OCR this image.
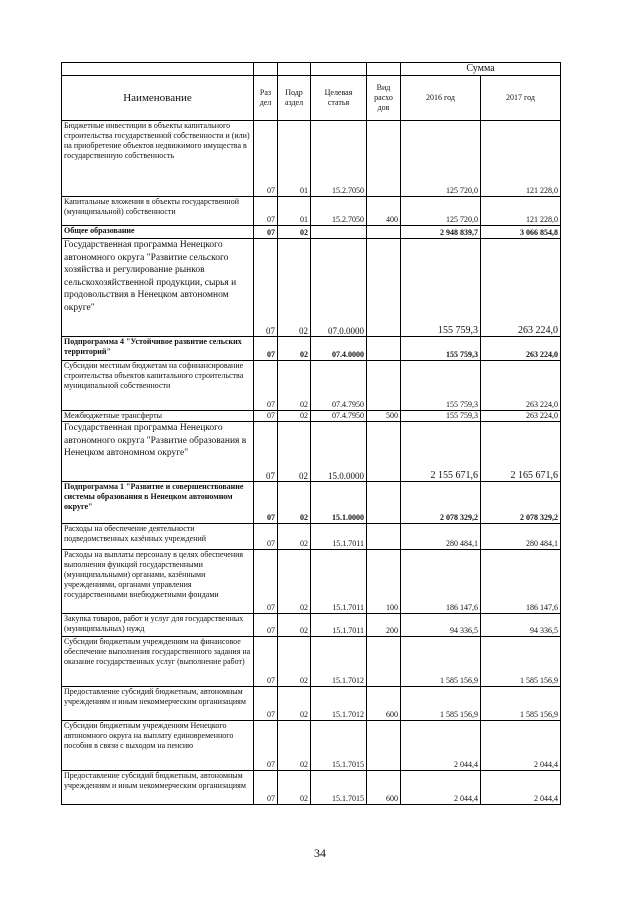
					Сумма	
Наименование	Раз дел	Подр аздел	Целевая статья	Вид расхо дов	2016 год	2017 год
Бюджетные инвестиции в объекты капитального строительства государственной собственности и (или) на приобретение объектов недвижимого имущества в государственную собственность	07	01	15.2.7050		125 720,0	121 228,0
Капитальные вложения в объекты государственной (муниципальной) собственности	07	01	15.2.7050	400	125 720,0	121 228,0
Общее образование	07	02			2 948 839,7	3 066 854,8
Государственная программа Ненецкого автономного округа "Развитие сельского хозяйства и регулирование рынков сельскохозяйственной продукции, сырья и продовольствия в Ненецком автономном округе"	07	02	07.0.0000		155 759,3	263 224,0
Подпрограмма 4 "Устойчивое развитие сельских территорий"	07	02	07.4.0000		155 759,3	263 224,0
Субсидии местным бюджетам на софинансирование строительства объектов капитального строительства муниципальной собственности	07	02	07.4.7950		155 759,3	263 224,0
Межбюджетные трансферты	07	02	07.4.7950	500	155 759,3	263 224,0
Государственная программа Ненецкого автономного округа "Развитие образования в Ненецком автономном округе"	07	02	15.0.0000		2 155 671,6	2 165 671,6
Подпрограмма 1 "Развитие и совершенствование системы образования в Ненецком автономном округе"	07	02	15.1.0000		2 078 329,2	2 078 329,2
Расходы на обеспечение деятельности подведомственных казённых учреждений	07	02	15.1.7011		280 484,1	280 484,1
Расходы на выплаты персоналу в целях обеспечения выполнения функций государственными (муниципальными) органами, казёнными учреждениями, органами управления государственными внебюджетными фондами	07	02	15.1.7011	100	186 147,6	186 147,6
Закупка товаров, работ и услуг для государственных (муниципальных) нужд	07	02	15.1.7011	200	94 336,5	94 336,5
Субсидии бюджетным учреждениям на финансовое обеспечение выполнения государственного задания на оказание государственных услуг (выполнение работ)	07	02	15.1.7012		1 585 156,9	1 585 156,9
Предоставление субсидий бюджетным, автономным учреждениям и иным некоммерческим организациям	07	02	15.1.7012	600	1 585 156,9	1 585 156,9
Субсидии бюджетным учреждениям Ненецкого автономного округа на выплату единовременного пособия в связи с выходом на пенсию	07	02	15.1.7015		2 044,4	2 044,4
Предоставление субсидий бюджетным, автономным учреждениям и иным некоммерческим организациям	07	02	15.1.7015	600	2 044,4	2 044,4
34
